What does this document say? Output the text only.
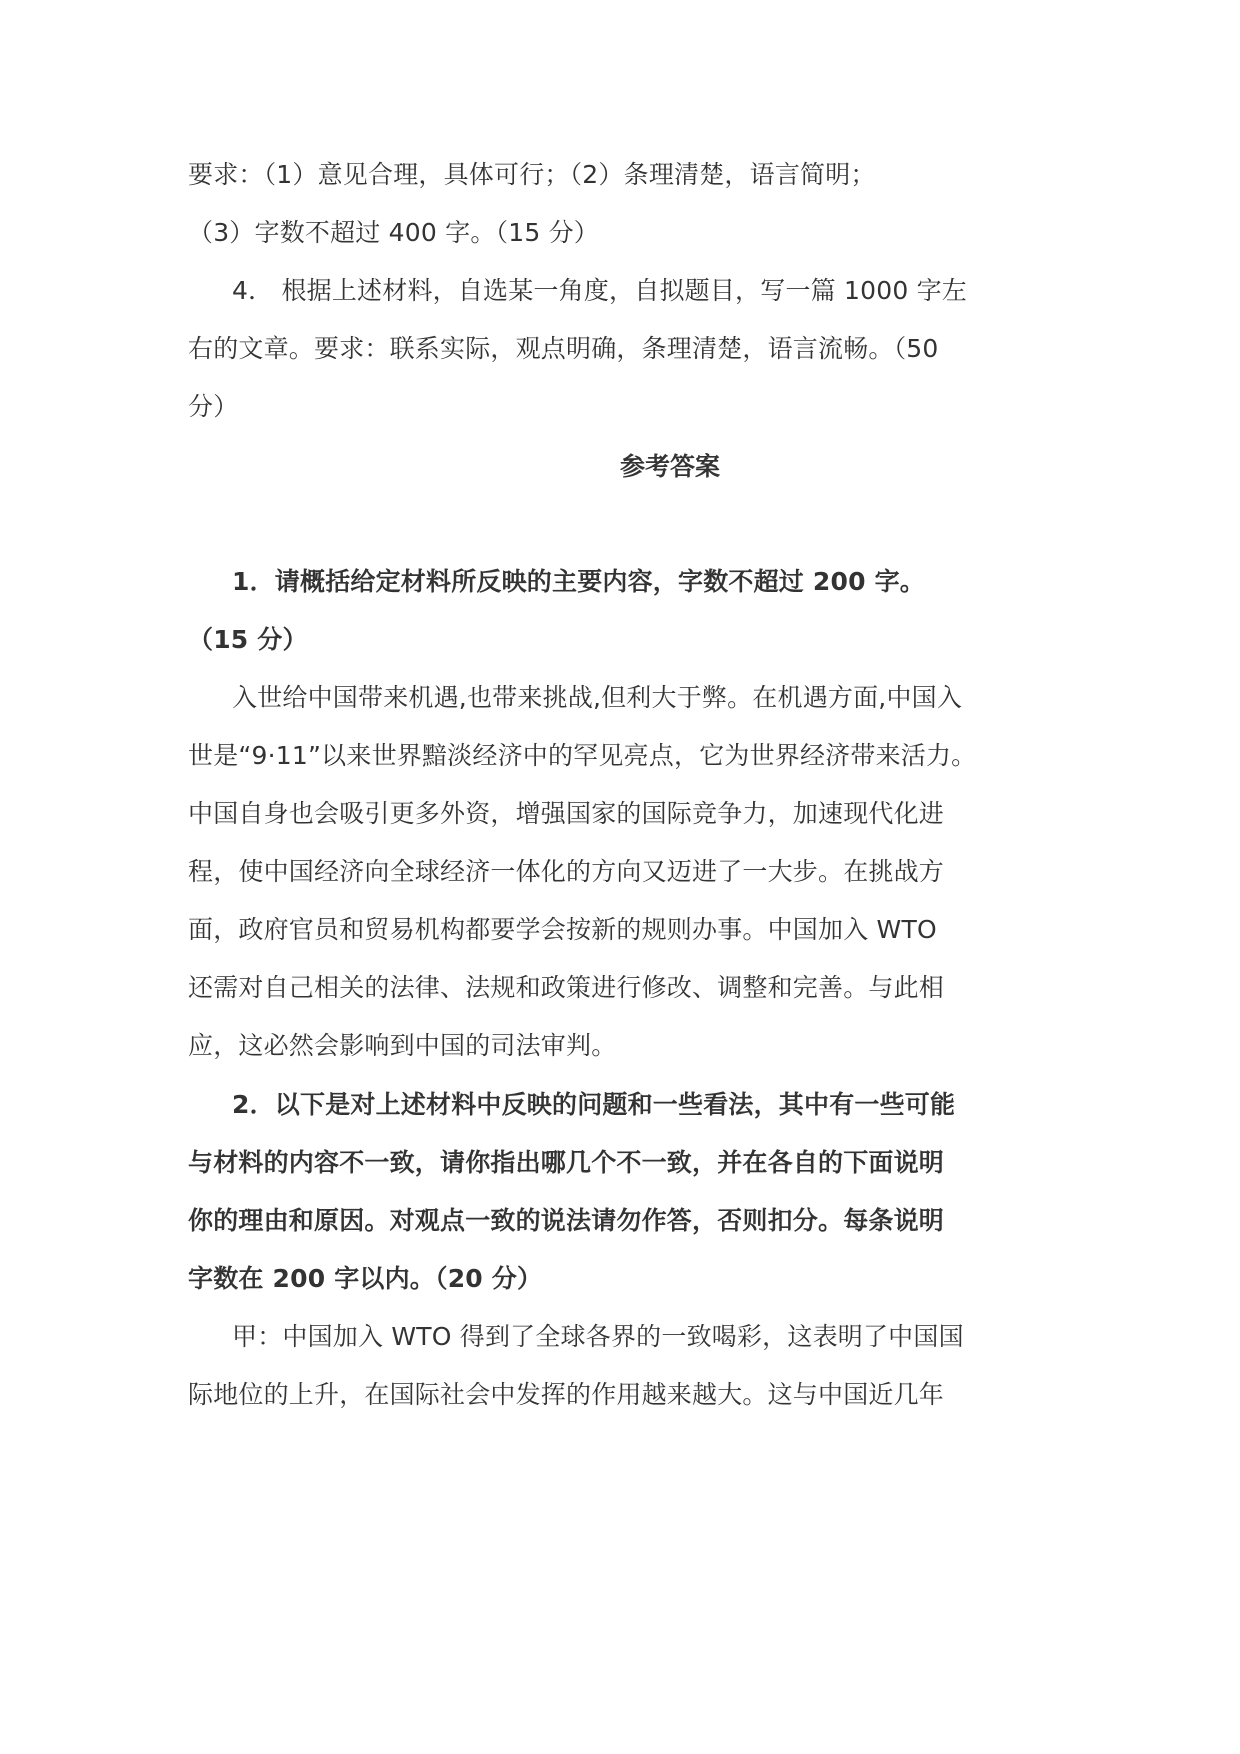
要求：（1）意见合理，具体可行；（2）条理清楚，语言简明；
（3）字数不超过 400 字。（15 分）
4． 根据上述材料，自选某一角度，自拟题目，写一篇 1000 字左
右的文章。要求：联系实际，观点明确，条理清楚，语言流畅。（50
分）
参考答案
1．请概括给定材料所反映的主要内容，字数不超过 200 字。
（15 分）
入世给中国带来机遇,也带来挑战,但利大于弊。在机遇方面,中国入
世是“9·11”以来世界黯淡经济中的罕见亮点，它为世界经济带来活力。
中国自身也会吸引更多外资，增强国家的国际竞争力，加速现代化进
程，使中国经济向全球经济一体化的方向又迈进了一大步。在挑战方
面，政府官员和贸易机构都要学会按新的规则办事。中国加入 WTO
还需对自己相关的法律、法规和政策进行修改、调整和完善。与此相
应，这必然会影响到中国的司法审判。
2．以下是对上述材料中反映的问题和一些看法，其中有一些可能
与材料的内容不一致，请你指出哪几个不一致，并在各自的下面说明
你的理由和原因。对观点一致的说法请勿作答，否则扣分。每条说明
字数在 200 字以内。（20 分）
甲：中国加入 WTO 得到了全球各界的一致喝彩，这表明了中国国
际地位的上升，在国际社会中发挥的作用越来越大。这与中国近几年
